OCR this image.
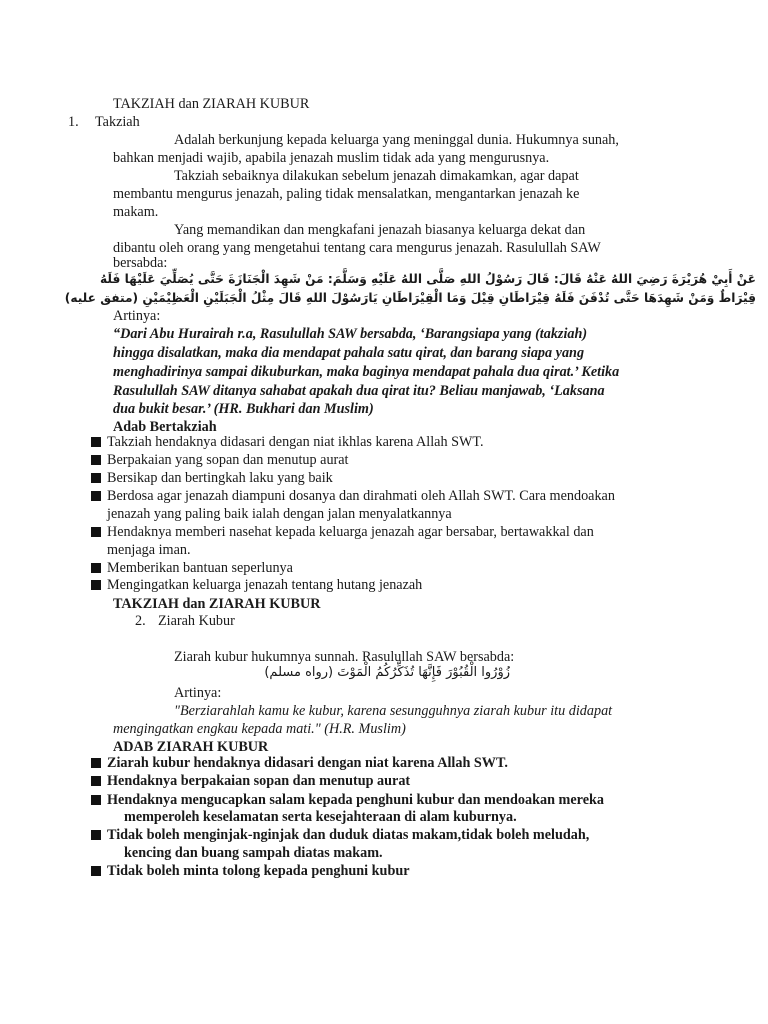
TAKZIAH dan ZIARAH KUBUR
1. Takziah
Adalah berkunjung kepada keluarga yang meninggal dunia. Hukumnya sunah,
bahkan menjadi wajib, apabila jenazah muslim tidak ada yang mengurusnya.
Takziah sebaiknya dilakukan sebelum jenazah dimakamkan, agar dapat
membantu mengurus jenazah, paling tidak mensalatkan, mengantarkan jenazah ke
makam.
Yang memandikan dan mengkafani jenazah biasanya keluarga dekat dan
dibantu oleh orang yang mengetahui tentang cara mengurus jenazah. Rasulullah SAW
bersabda:
عَنْ أَبِيْ هُرَيْرَةَ رَضِيَ اللهُ عَنْهُ قَالَ: قَالَ رَسُوْلُ اللهِ صَلَّى اللهُ عَلَيْهِ وَسَلَّمَ: مَنْ شَهِدَ الْجَنَازَةَ حَتَّى يُصَلِّيَ عَلَيْهَا فَلَهُ
قِيْرَاطٌ وَمَنْ شَهِدَهَا حَتَّى تُدْفَنَ فَلَهُ قِيْرَاطَانِ قِيْلَ وَمَا الْقِيْرَاطَانِ يَارَسُوْلَ اللهِ قَالَ مِثْلُ الْجَبَلَيْنِ الْعَظِيْمَيْنِ (متفق عليه)
Artinya:
“Dari Abu Hurairah r.a, Rasulullah SAW bersabda, ‘Barangsiapa yang (takziah)
hingga disalatkan, maka dia mendapat pahala satu qirat, dan barang siapa yang
menghadirinya sampai dikuburkan, maka baginya mendapat pahala dua qirat.’ Ketika
Rasulullah SAW ditanya sahabat apakah dua qirat itu? Beliau manjawab, ‘Laksana
dua bukit besar.’ (HR. Bukhari dan Muslim)
Adab Bertakziah
Takziah hendaknya didasari dengan niat ikhlas karena Allah SWT.
Berpakaian yang sopan dan menutup aurat
Bersikap dan bertingkah laku yang baik
Berdosa agar jenazah diampuni dosanya dan dirahmati oleh Allah SWT. Cara mendoakan
jenazah yang paling baik ialah dengan jalan menyalatkannya
Hendaknya memberi nasehat kepada keluarga jenazah agar bersabar, bertawakkal dan
menjaga iman.
Memberikan bantuan seperlunya
Mengingatkan keluarga jenazah tentang hutang jenazah
TAKZIAH dan ZIARAH KUBUR
2. Ziarah Kubur
Ziarah kubur hukumnya sunnah. Rasulullah SAW bersabda:
زُوْرُوا الْقُبُوْرَ فَإِنَّهَا تُذَكِّرُكُمُ الْمَوْتَ (رواه مسلم)
Artinya:
"Berziarahlah kamu ke kubur, karena sesungguhnya ziarah kubur itu didapat
mengingatkan engkau kepada mati." (H.R. Muslim)
ADAB ZIARAH KUBUR
Ziarah kubur hendaknya didasari dengan niat karena Allah SWT.
Hendaknya berpakaian sopan dan menutup aurat
Hendaknya mengucapkan salam kepada penghuni kubur dan mendoakan mereka
memperoleh keselamatan serta kesejahteraan di alam kuburnya.
Tidak boleh menginjak-nginjak dan duduk diatas makam,tidak boleh meludah,
kencing dan buang sampah diatas makam.
Tidak boleh minta tolong kepada penghuni kubur
